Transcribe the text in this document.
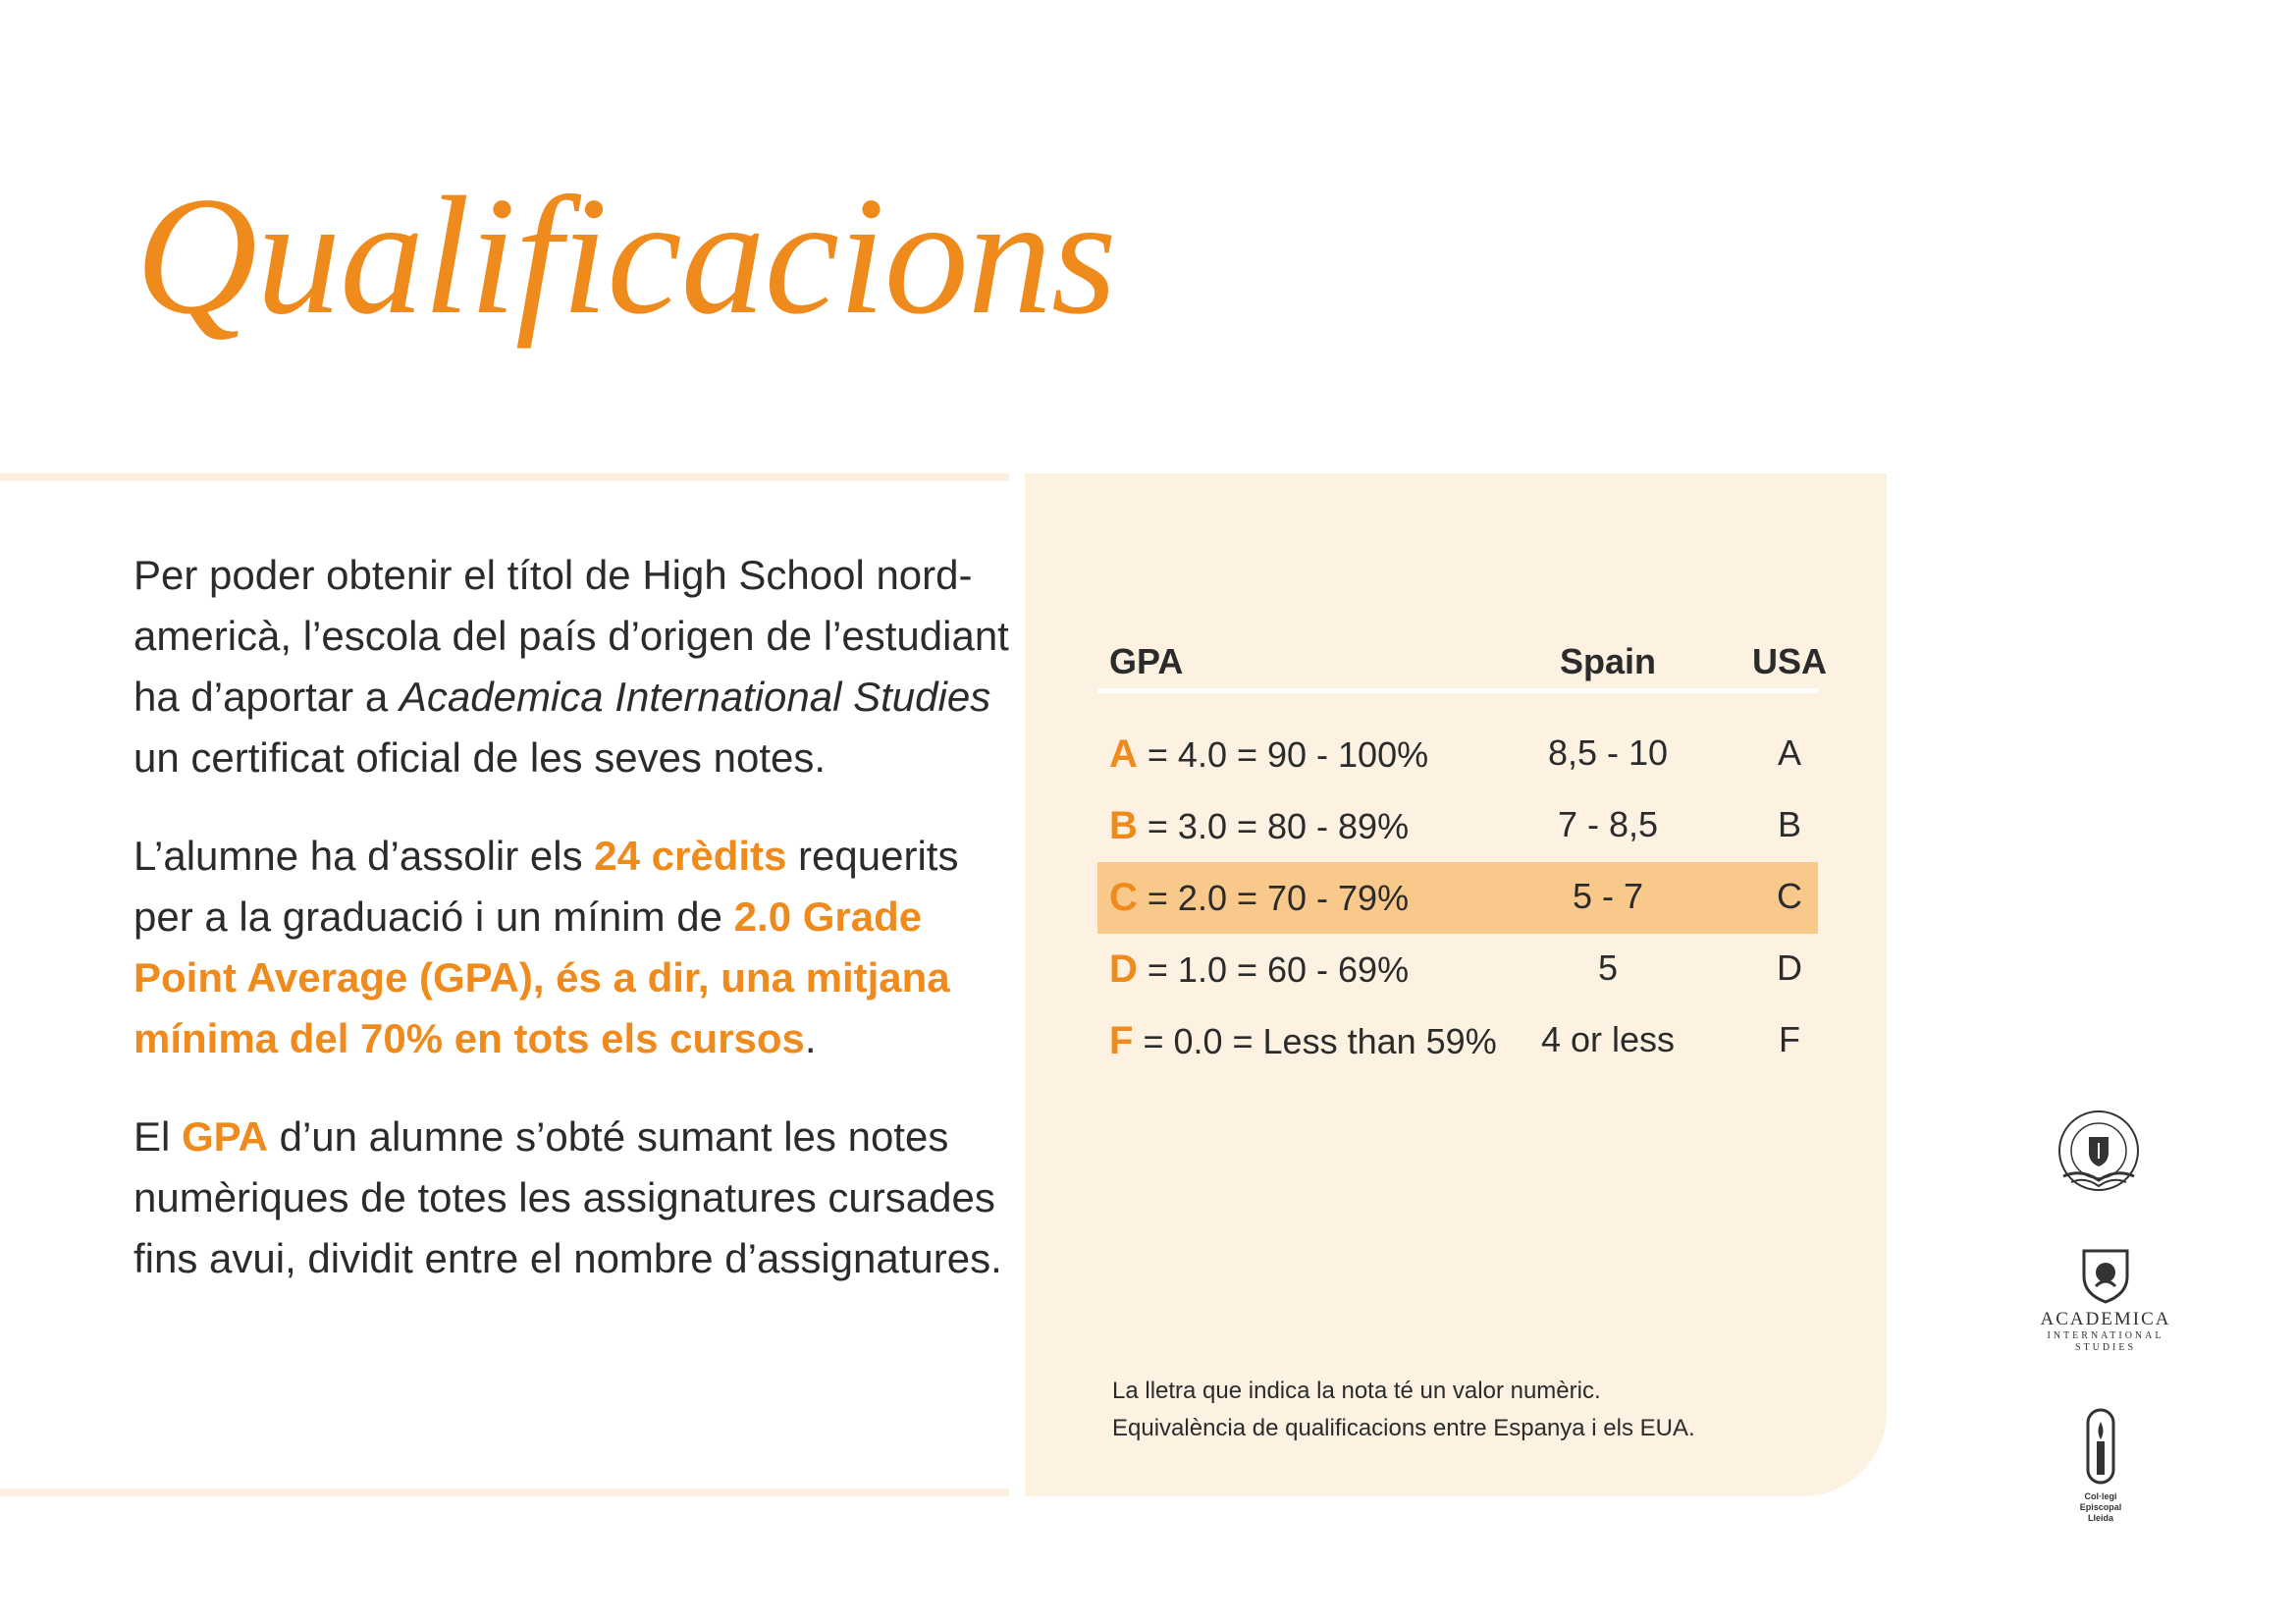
Qualificacions

Per poder obtenir el títol de High School nord-americà, l’escola del país d’origen de l’estudiant ha d’aportar a Academica International Studies un certificat oficial de les seves notes.

L’alumne ha d’assolir els 24 crèdits requerits per a la graduació i un mínim de 2.0 Grade Point Average (GPA), és a dir, una mitjana mínima del 70% en tots els cursos.

El GPA d’un alumne s’obté sumant les notes numèriques de totes les assignatures cursades fins avui, dividit entre el nombre d’assignatures.

GPA	Spain	USA
A = 4.0 = 90 - 100%	8,5 - 10	A
B = 3.0 = 80 - 89%	7 - 8,5	B
C = 2.0 = 70 - 79%	5 - 7	C
D = 1.0 = 60 - 69%	5	D
F = 0.0 = Less than 59%	4 or less	F
La lletra que indica la nota té un valor numèric.
Equivalència de qualificacions entre Espanya i els EUA.
ACADEMICA
INTERNATIONAL
STUDIES
Col·legi Episcopal
Lleida
